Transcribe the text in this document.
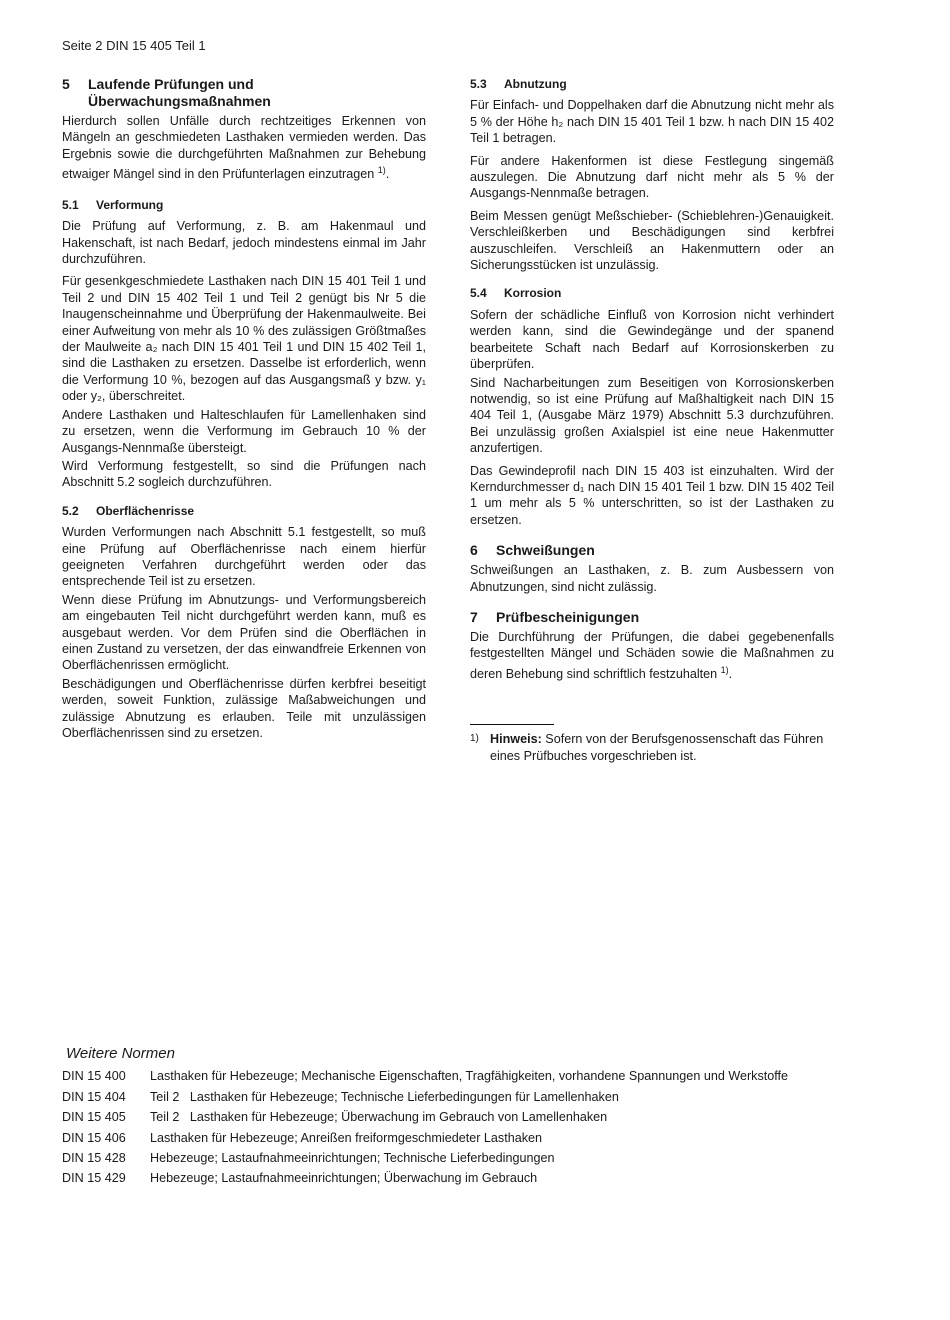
Seite 2 DIN 15 405 Teil 1
5	Laufende Prüfungen und Überwachungsmaßnahmen

Hierdurch sollen Unfälle durch rechtzeitiges Erkennen von Mängeln an geschmiedeten Lasthaken vermieden werden. Das Ergebnis sowie die durchgeführten Maßnahmen zur Behebung etwaiger Mängel sind in den Prüfunterlagen einzutragen $^{1)}$.

5.1 Verformung

Die Prüfung auf Verformung, z. B. am Hakenmaul und Hakenschaft, ist nach Bedarf, jedoch mindestens einmal im Jahr durchzuführen.

Für gesenkgeschmiedete Lasthaken nach DIN 15 401 Teil 1 und Teil 2 und DIN 15 402 Teil 1 und Teil 2 genügt bis Nr 5 die Inaugenscheinnahme und Überprüfung der Hakenmaulweite. Bei einer Aufweitung von mehr als 10 % des zulässigen Größtmaßes der Maulweite a₂ nach DIN 15 401 Teil 1 und DIN 15 402 Teil 1, sind die Lasthaken zu ersetzen. Dasselbe ist erforderlich, wenn die Verformung 10 %, bezogen auf das Ausgangsmaß y bzw. y₁ oder y₂, überschreitet.

Andere Lasthaken und Halteschlaufen für Lamellenhaken sind zu ersetzen, wenn die Verformung im Gebrauch 10 % der Ausgangs-Nennmaße übersteigt.

Wird Verformung festgestellt, so sind die Prüfungen nach Abschnitt 5.2 sogleich durchzuführen.

5.2 Oberflächenrisse

Wurden Verformungen nach Abschnitt 5.1 festgestellt, so muß eine Prüfung auf Oberflächenrisse nach einem hierfür geeigneten Verfahren durchgeführt werden oder das entsprechende Teil ist zu ersetzen.

Wenn diese Prüfung im Abnutzungs- und Verformungsbereich am eingebauten Teil nicht durchgeführt werden kann, muß es ausgebaut werden. Vor dem Prüfen sind die Oberflächen in einen Zustand zu versetzen, der das einwandfreie Erkennen von Oberflächenrissen ermöglicht.

Beschädigungen und Oberflächenrisse dürfen kerbfrei beseitigt werden, soweit Funktion, zulässige Maßabweichungen und zulässige Abnutzung es erlauben. Teile mit unzulässigen Oberflächenrissen sind zu ersetzen.

5.3 Abnutzung

Für Einfach- und Doppelhaken darf die Abnutzung nicht mehr als 5 % der Höhe h₂ nach DIN 15 401 Teil 1 bzw. h nach DIN 15 402 Teil 1 betragen.

Für andere Hakenformen ist diese Festlegung singemäß auszulegen. Die Abnutzung darf nicht mehr als 5 % der Ausgangs-Nennmaße betragen.

Beim Messen genügt Meßschieber- (Schieblehren-)Genauigkeit. Verschleißkerben und Beschädigungen sind kerbfrei auszuschleifen. Verschleiß an Hakenmuttern oder an Sicherungsstücken ist unzulässig.

5.4 Korrosion

Sofern der schädliche Einfluß von Korrosion nicht verhindert werden kann, sind die Gewindegänge und der spanend bearbeitete Schaft nach Bedarf auf Korrosionskerben zu überprüfen.

Sind Nacharbeitungen zum Beseitigen von Korrosionskerben notwendig, so ist eine Prüfung auf Maßhaltigkeit nach DIN 15 404 Teil 1, (Ausgabe März 1979) Abschnitt 5.3 durchzuführen. Bei unzulässig großen Axialspiel ist eine neue Hakenmutter anzufertigen.

Das Gewindeprofil nach DIN 15 403 ist einzuhalten. Wird der Kerndurchmesser d₁ nach DIN 15 401 Teil 1 bzw. DIN 15 402 Teil 1 um mehr als 5 % unterschritten, so ist der Lasthaken zu ersetzen.

6	Schweißungen

Schweißungen an Lasthaken, z. B. zum Ausbessern von Abnutzungen, sind nicht zulässig.

7	Prüfbescheinigungen

Die Durchführung der Prüfungen, die dabei gegebenenfalls festgestellten Mängel und Schäden sowie die Maßnahmen zu deren Behebung sind schriftlich festzuhalten $^{1)}$.

1) Hinweis: Sofern von der Berufsgenossenschaft das Führen eines Prüfbuches vorgeschrieben ist.
Weitere Normen
DIN 15 400	Lasthaken für Hebezeuge; Mechanische Eigenschaften, Tragfähigkeiten, vorhandene Spannungen und Werkstoffe
DIN 15 404	Teil 2   Lasthaken für Hebezeuge; Technische Lieferbedingungen für Lamellenhaken
DIN 15 405	Teil 2   Lasthaken für Hebezeuge; Überwachung im Gebrauch von Lamellenhaken
DIN 15 406	Lasthaken für Hebezeuge; Anreißen freiformgeschmiedeter Lasthaken
DIN 15 428	Hebezeuge; Lastaufnahmeeinrichtungen; Technische Lieferbedingungen
DIN 15 429	Hebezeuge; Lastaufnahmeeinrichtungen; Überwachung im Gebrauch
